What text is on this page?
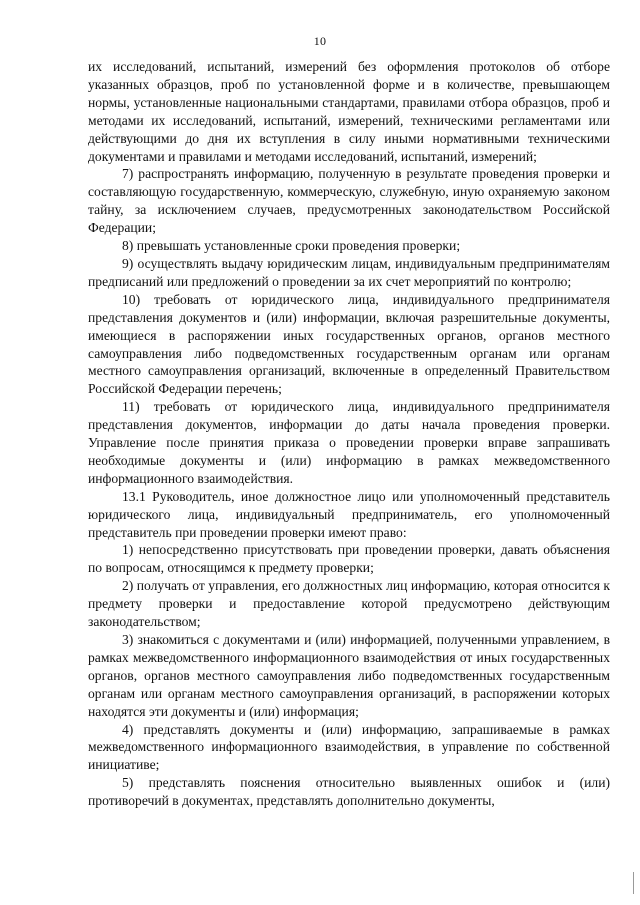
10

их исследований, испытаний, измерений без оформления протоколов об отборе указанных образцов, проб по установленной форме и в количестве, превышающем нормы, установленные национальными стандартами, правилами отбора образцов, проб и методами их исследований, испытаний, измерений, техническими регламентами или действующими до дня их вступления в силу иными нормативными техническими документами и правилами и методами исследований, испытаний, измерений;

7) распространять информацию, полученную в результате проведения проверки и составляющую государственную, коммерческую, служебную, иную охраняемую законом тайну, за исключением случаев, предусмотренных законодательством Российской Федерации;

8) превышать установленные сроки проведения проверки;

9) осуществлять выдачу юридическим лицам, индивидуальным предпринимателям предписаний или предложений о проведении за их счет мероприятий по контролю;

10) требовать от юридического лица, индивидуального предпринимателя представления документов и (или) информации, включая разрешительные документы, имеющиеся в распоряжении иных государственных органов, органов местного самоуправления либо подведомственных государственным органам или органам местного самоуправления организаций, включенные в определенный Правительством Российской Федерации перечень;

11) требовать от юридического лица, индивидуального предпринимателя представления документов, информации до даты начала проведения проверки. Управление после принятия приказа о проведении проверки вправе запрашивать необходимые документы и (или) информацию в рамках межведомственного информационного взаимодействия.

13.1 Руководитель, иное должностное лицо или уполномоченный представитель юридического лица, индивидуальный предприниматель, его уполномоченный представитель при проведении проверки имеют право:

1) непосредственно присутствовать при проведении проверки, давать объяснения по вопросам, относящимся к предмету проверки;

2) получать от управления, его должностных лиц информацию, которая относится к предмету проверки и предоставление которой предусмотрено действующим законодательством;

3) знакомиться с документами и (или) информацией, полученными управлением, в рамках межведомственного информационного взаимодействия от иных государственных органов, органов местного самоуправления либо подведомственных государственным органам или органам местного самоуправления организаций, в распоряжении которых находятся эти документы и (или) информация;

4) представлять документы и (или) информацию, запрашиваемые в рамках межведомственного информационного взаимодействия, в управление по собственной инициативе;

5) представлять пояснения относительно выявленных ошибок и (или) противоречий в документах, представлять дополнительно документы,
